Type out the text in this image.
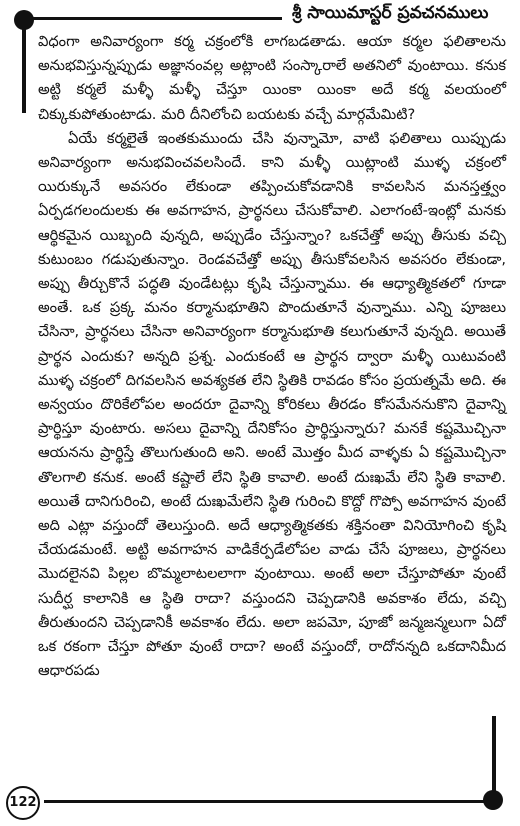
శ్రీ సాయిమాస్టర్ ప్రవచనములు

విధంగా అనివార్యంగా కర్మ చక్రంలోకి లాగబడతాడు. ఆయా కర్మల ఫలితాలను అనుభవిస్తున్నప్పుడు అజ్ఞానంవల్ల అట్లాంటి సంస్కారాలే అతనిలో వుంటాయి. కనుక అట్టి కర్మలే మళ్ళీ మళ్ళీ చేస్తూ యింకా యింకా అదే కర్మ వలయంలో చిక్కుకుపోతుంటాడు. మరి దీనిలోంచి బయటకు వచ్చే మార్గమేమిటి?

ఏయే కర్మలైతే ఇంతకుముందు చేసి వున్నామో, వాటి ఫలితాలు యిప్పుడు అనివార్యంగా అనుభవించవలసిందే. కాని మళ్ళీ యిట్లాంటి ముళ్ళ చక్రంలో యిరుక్కునే అవసరం లేకుండా తప్పించుకోవడానికి కావలసిన మనస్తత్త్వం ఏర్పడగలందులకు ఈ అవగాహన, ప్రార్థనలు చేసుకోవాలి. ఎలాగంటే-ఇంట్లో మనకు ఆర్థికమైన యిబ్బంది వున్నది, అప్పుడేం చేస్తున్నాం? ఒకచేత్తో అప్పు తీసుకు వచ్చి కుటుంబం గడుపుతున్నాం. రెండవచేత్తో అప్పు తీసుకోవలసిన అవసరం లేకుండా, అప్పు తీర్చుకొనే పద్ధతి వుండేటట్లు కృషి చేస్తున్నాము. ఈ ఆధ్యాత్మికతలో గూడా అంతే. ఒక ప్రక్క మనం కర్మానుభూతిని పొందుతూనే వున్నాము. ఎన్ని పూజలు చేసినా, ప్రార్థనలు చేసినా అనివార్యంగా కర్మానుభూతి కలుగుతూనే వున్నది. అయితే ప్రార్థన ఎందుకు? అన్నది ప్రశ్న. ఎందుకంటే ఆ ప్రార్థన ద్వారా మళ్ళీ యిటువంటి ముళ్ళ చక్రంలో దిగవలసిన అవశ్యకత లేని స్థితికి రావడం కోసం ప్రయత్నమే అది. ఈ అన్వయం దొరికేలోపల అందరూ దైవాన్ని కోరికలు తీరడం కోసమేననుకొని దైవాన్ని ప్రార్థిస్తూ వుంటారు. అసలు దైవాన్ని దేనికోసం ప్రార్థిస్తున్నారు? మనకే కష్టమొచ్చినా ఆయనను ప్రార్థిస్తే తొలుగుతుంది అని. అంటే మొత్తం మీద వాళ్ళకు ఏ కష్టమొచ్చినా తొలగాలి కనుక. అంటే కష్టాలే లేని స్థితి కావాలి. అంటే దుఃఖమే లేని స్థితి కావాలి. అయితే దానిగురించి, అంటే దుఃఖమేలేని స్థితి గురించి కొద్దో గొప్పో అవగాహన వుంటే అది ఎట్లా వస్తుందో తెలుస్తుంది. అదే ఆధ్యాత్మికతకు శక్తినంతా వినియోగించి కృషి చేయడమంటే. అట్టి అవగాహన వాడికేర్పడేలోపల వాడు చేసే పూజలు, ప్రార్థనలు మొదలైనవి పిల్లల బొమ్మలాటలలాగా వుంటాయి. అంటే అలా చేస్తూపోతూ వుంటే సుదీర్ఘ కాలానికి ఆ స్థితి రాదా? వస్తుందని చెప్పడానికి అవకాశం లేదు, వచ్చి తీరుతుందని చెప్పడానికీ అవకాశం లేదు. అలా జపమో, పూజో జన్మజన్మలుగా ఏదో ఒక రకంగా చేస్తూ పోతూ వుంటే రాదా? అంటే వస్తుందో, రాదోనన్నది ఒకదానిమీద ఆధారపడు

122
